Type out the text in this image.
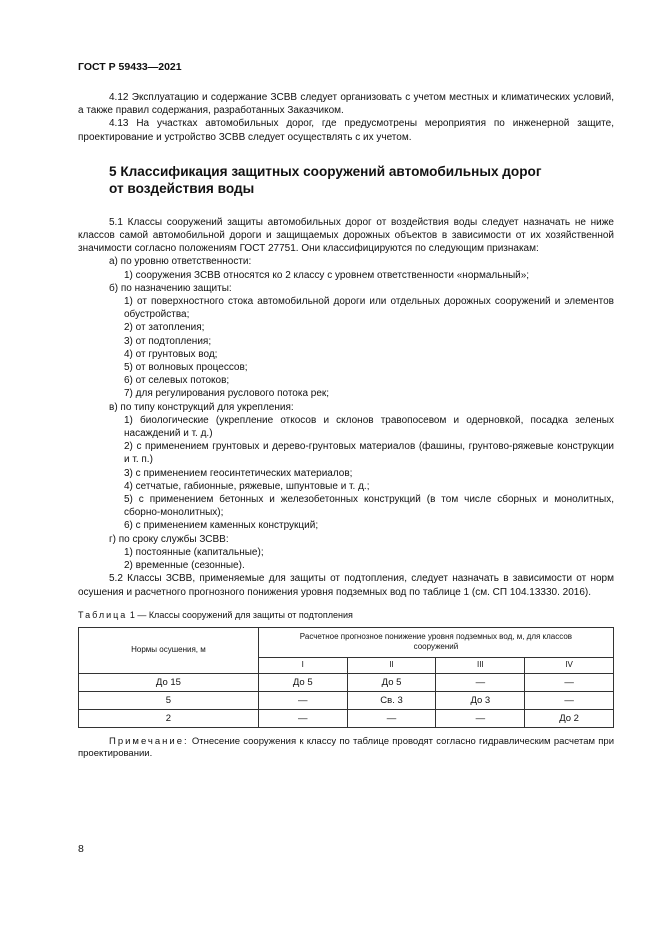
ГОСТ Р 59433—2021

4.12 Эксплуатацию и содержание ЗСВВ следует организовать с учетом местных и климатических условий, а также правил содержания, разработанных Заказчиком.

4.13 На участках автомобильных дорог, где предусмотрены мероприятия по инженерной защите, проектирование и устройство ЗСВВ следует осуществлять с их учетом.

5 Классификация защитных сооружений автомобильных дорог
от воздействия воды

5.1 Классы сооружений защиты автомобильных дорог от воздействия воды следует назначать не ниже классов самой автомобильной дороги и защищаемых дорожных объектов в зависимости от их хозяйственной значимости согласно положениям ГОСТ 27751. Они классифицируются по следующим признакам:

а) по уровню ответственности:

1) сооружения ЗСВВ относятся ко 2 классу с уровнем ответственности «нормальный»;

б) по назначению защиты:

1) от поверхностного стока автомобильной дороги или отдельных дорожных сооружений и элементов обустройства;

2) от затопления;

3) от подтопления;

4) от грунтовых вод;

5) от волновых процессов;

6) от селевых потоков;

7) для регулирования руслового потока рек;

в) по типу конструкций для укрепления:

1) биологические (укрепление откосов и склонов травопосевом и одерновкой, посадка зеленых насаждений и т. д.)

2) с применением грунтовых и дерево-грунтовых материалов (фашины, грунтово-ряжевые конструкции и т. п.)

3) с применением геосинтетических материалов;

4) сетчатые, габионные, ряжевые, шпунтовые и т. д.;

5) с применением бетонных и железобетонных конструкций (в том числе сборных и монолитных, сборно-монолитных);

6) с применением каменных конструкций;

г) по сроку службы ЗСВВ:

1) постоянные (капитальные);

2) временные (сезонные).

5.2 Классы ЗСВВ, применяемые для защиты от подтопления, следует назначать в зависимости от норм осушения и расчетного прогнозного понижения уровня подземных вод по таблице 1 (см. СП 104.13330. 2016).

Таблица 1 — Классы сооружений для защиты от подтопления
Нормы осушения, м	Расчетное прогнозное понижение уровня подземных вод, м, для классов сооружений			
	I	II	III	IV
До 15	До 5	До 5	—	—
5	—	Св. 3	До 3	—
2	—	—	—	До 2
Примечание: Отнесение сооружения к классу по таблице проводят согласно гидравлическим расчетам при проектировании.
8
